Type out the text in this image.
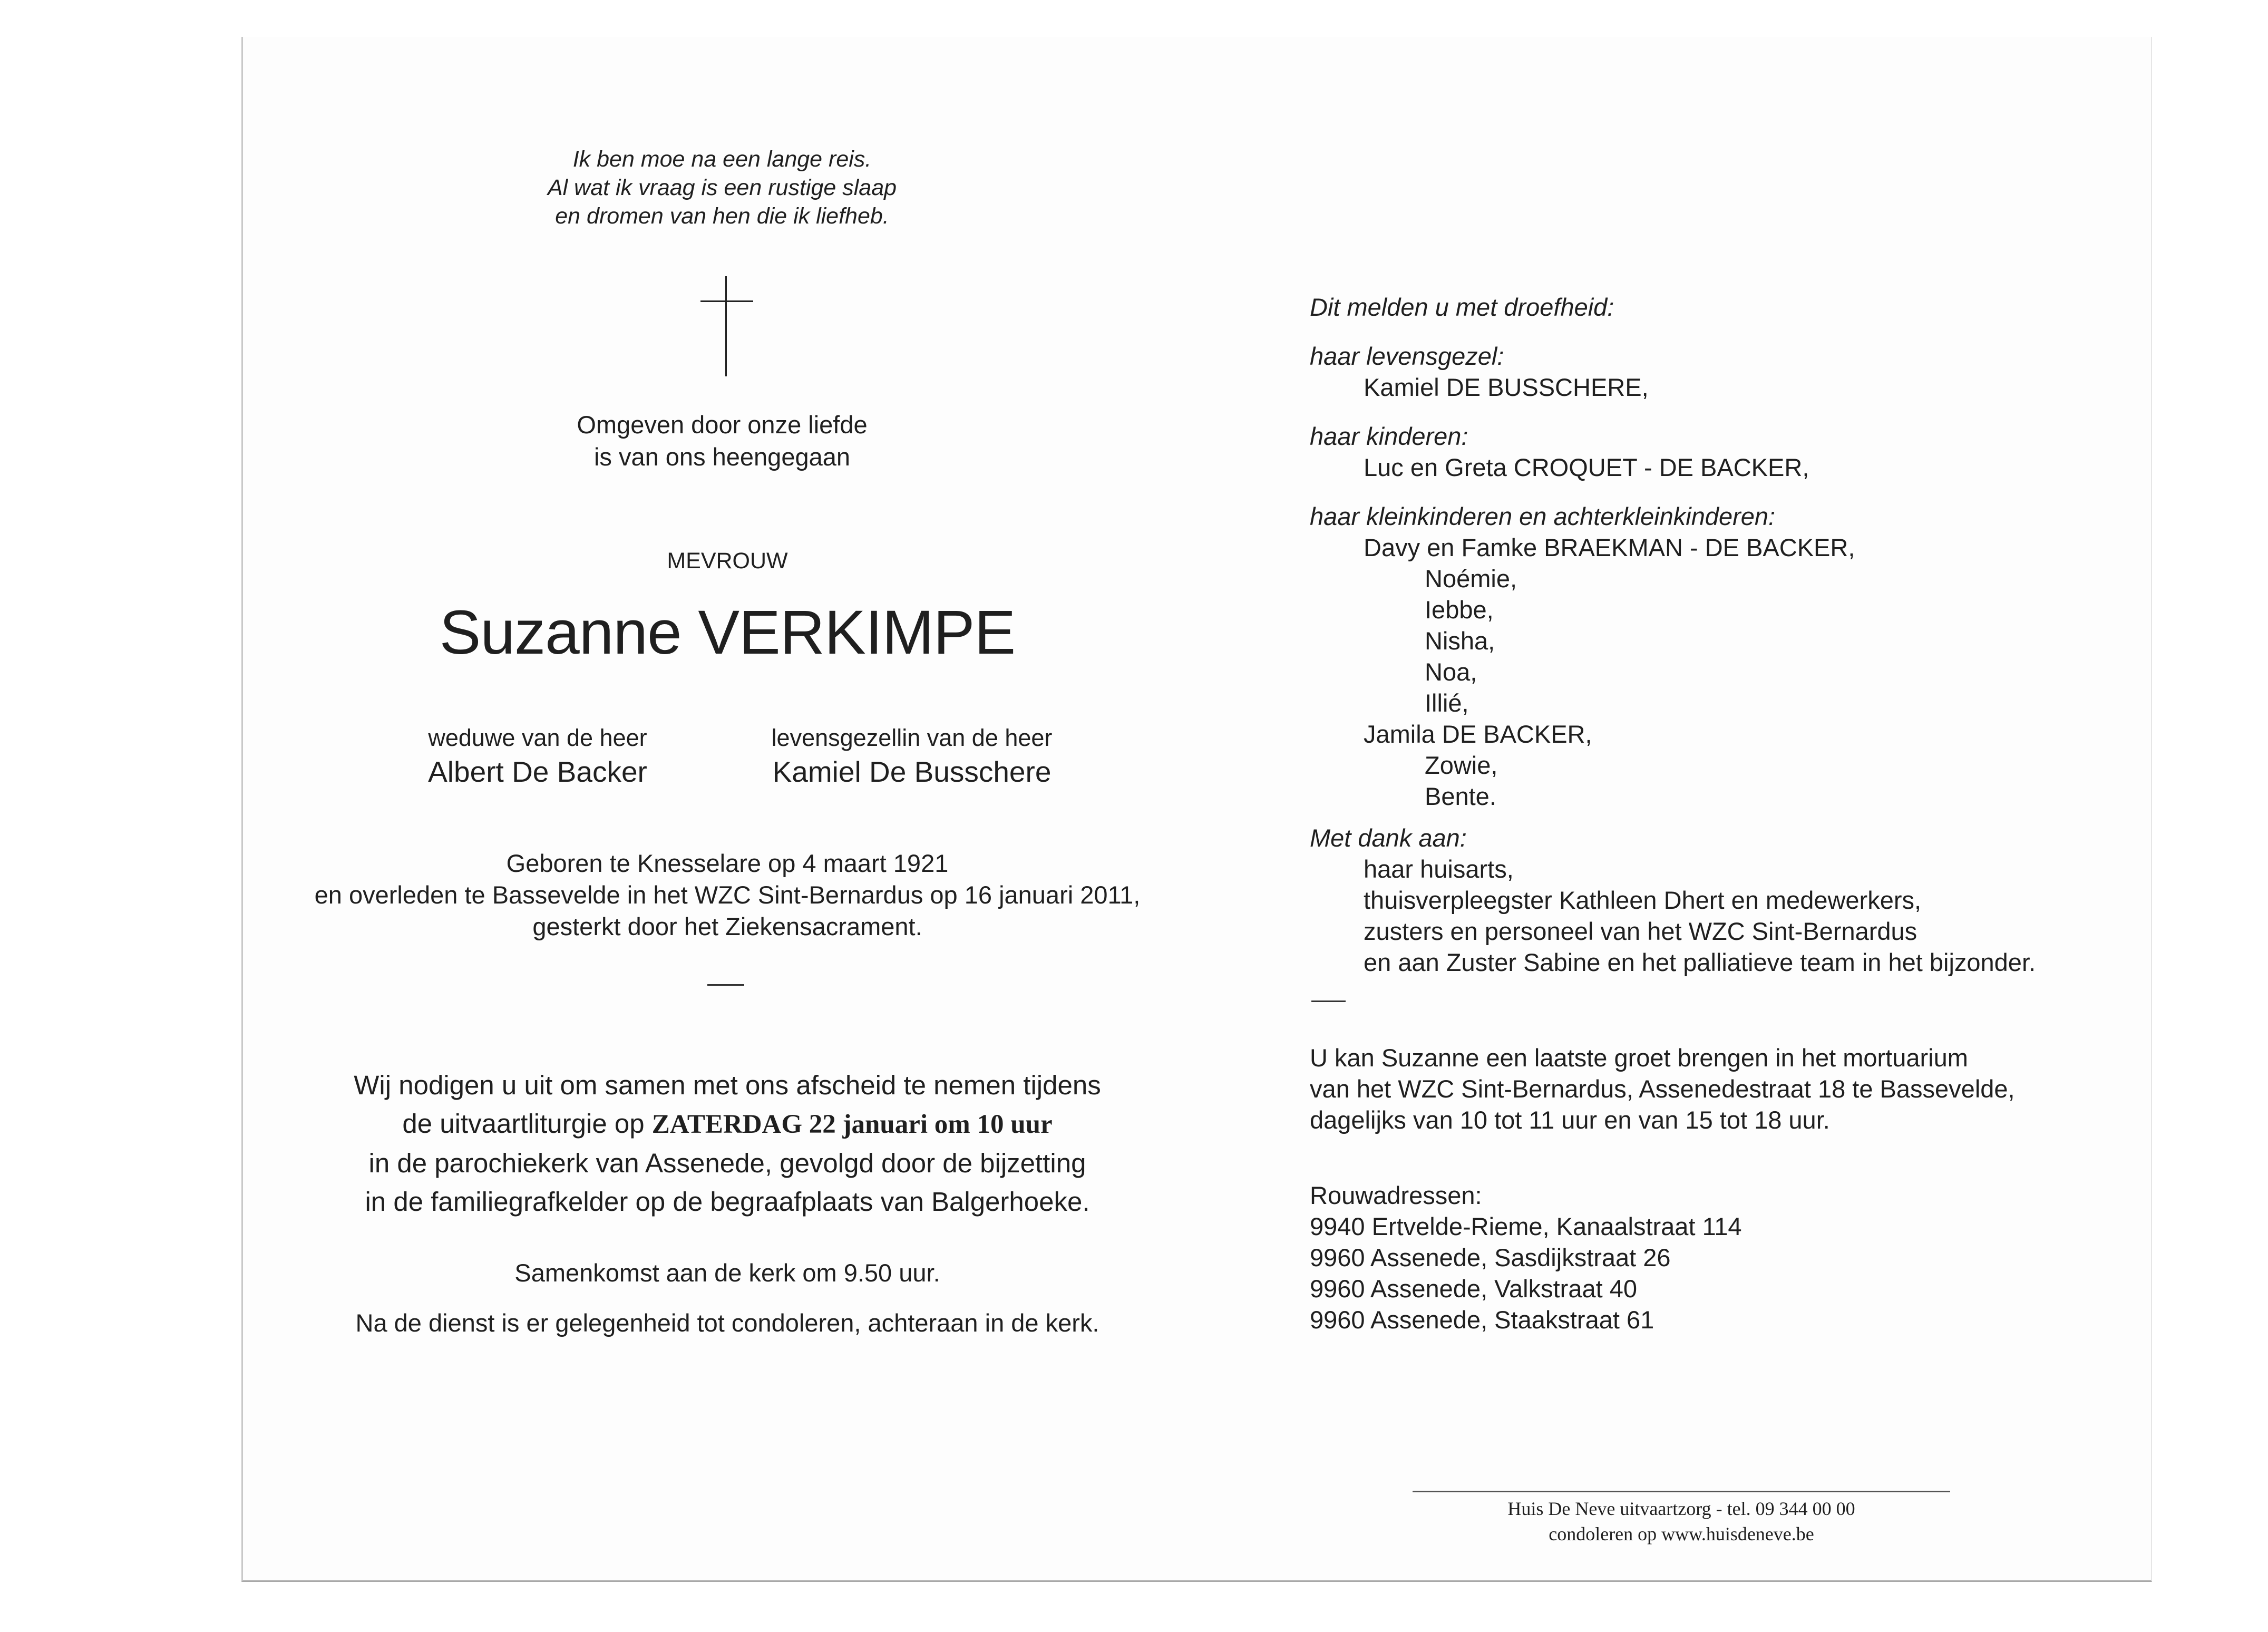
Ik ben moe na een lange reis.
Al wat ik vraag is een rustige slaap
en dromen van hen die ik liefheb.
Omgeven door onze liefde
is van ons heengegaan
MEVROUW
Suzanne VERKIMPE
weduwe van de heer
Albert De Backer
levensgezellin van de heer
Kamiel De Busschere
Geboren te Knesselare op 4 maart 1921
en overleden te Bassevelde in het WZC Sint-Bernardus op 16 januari 2011,
gesterkt door het Ziekensacrament.
Wij nodigen u uit om samen met ons afscheid te nemen tijdens
de uitvaartliturgie op ZATERDAG 22 januari om 10 uur
in de parochiekerk van Assenede, gevolgd door de bijzetting
in de familiegrafkelder op de begraafplaats van Balgerhoeke.
Samenkomst aan de kerk om 9.50 uur.
Na de dienst is er gelegenheid tot condoleren, achteraan in de kerk.
Dit melden u met droefheid:
haar levensgezel:
Kamiel DE BUSSCHERE,
haar kinderen:
Luc en Greta CROQUET - DE BACKER,
haar kleinkinderen en achterkleinkinderen:
Davy en Famke BRAEKMAN - DE BACKER,
Noémie,
Iebbe,
Nisha,
Noa,
Illié,
Jamila DE BACKER,
Zowie,
Bente.
Met dank aan:
haar huisarts,
thuisverpleegster Kathleen Dhert en medewerkers,
zusters en personeel van het WZC Sint-Bernardus
en aan Zuster Sabine en het palliatieve team in het bijzonder.
U kan Suzanne een laatste groet brengen in het mortuarium
van het WZC Sint-Bernardus, Assenedestraat 18 te Bassevelde,
dagelijks van 10 tot 11 uur en van 15 tot 18 uur.
Rouwadressen:
9940 Ertvelde-Rieme, Kanaalstraat 114
9960 Assenede, Sasdijkstraat 26
9960 Assenede, Valkstraat 40
9960 Assenede, Staakstraat 61
Huis De Neve uitvaartzorg - tel. 09 344 00 00
condoleren op www.huisdeneve.be
